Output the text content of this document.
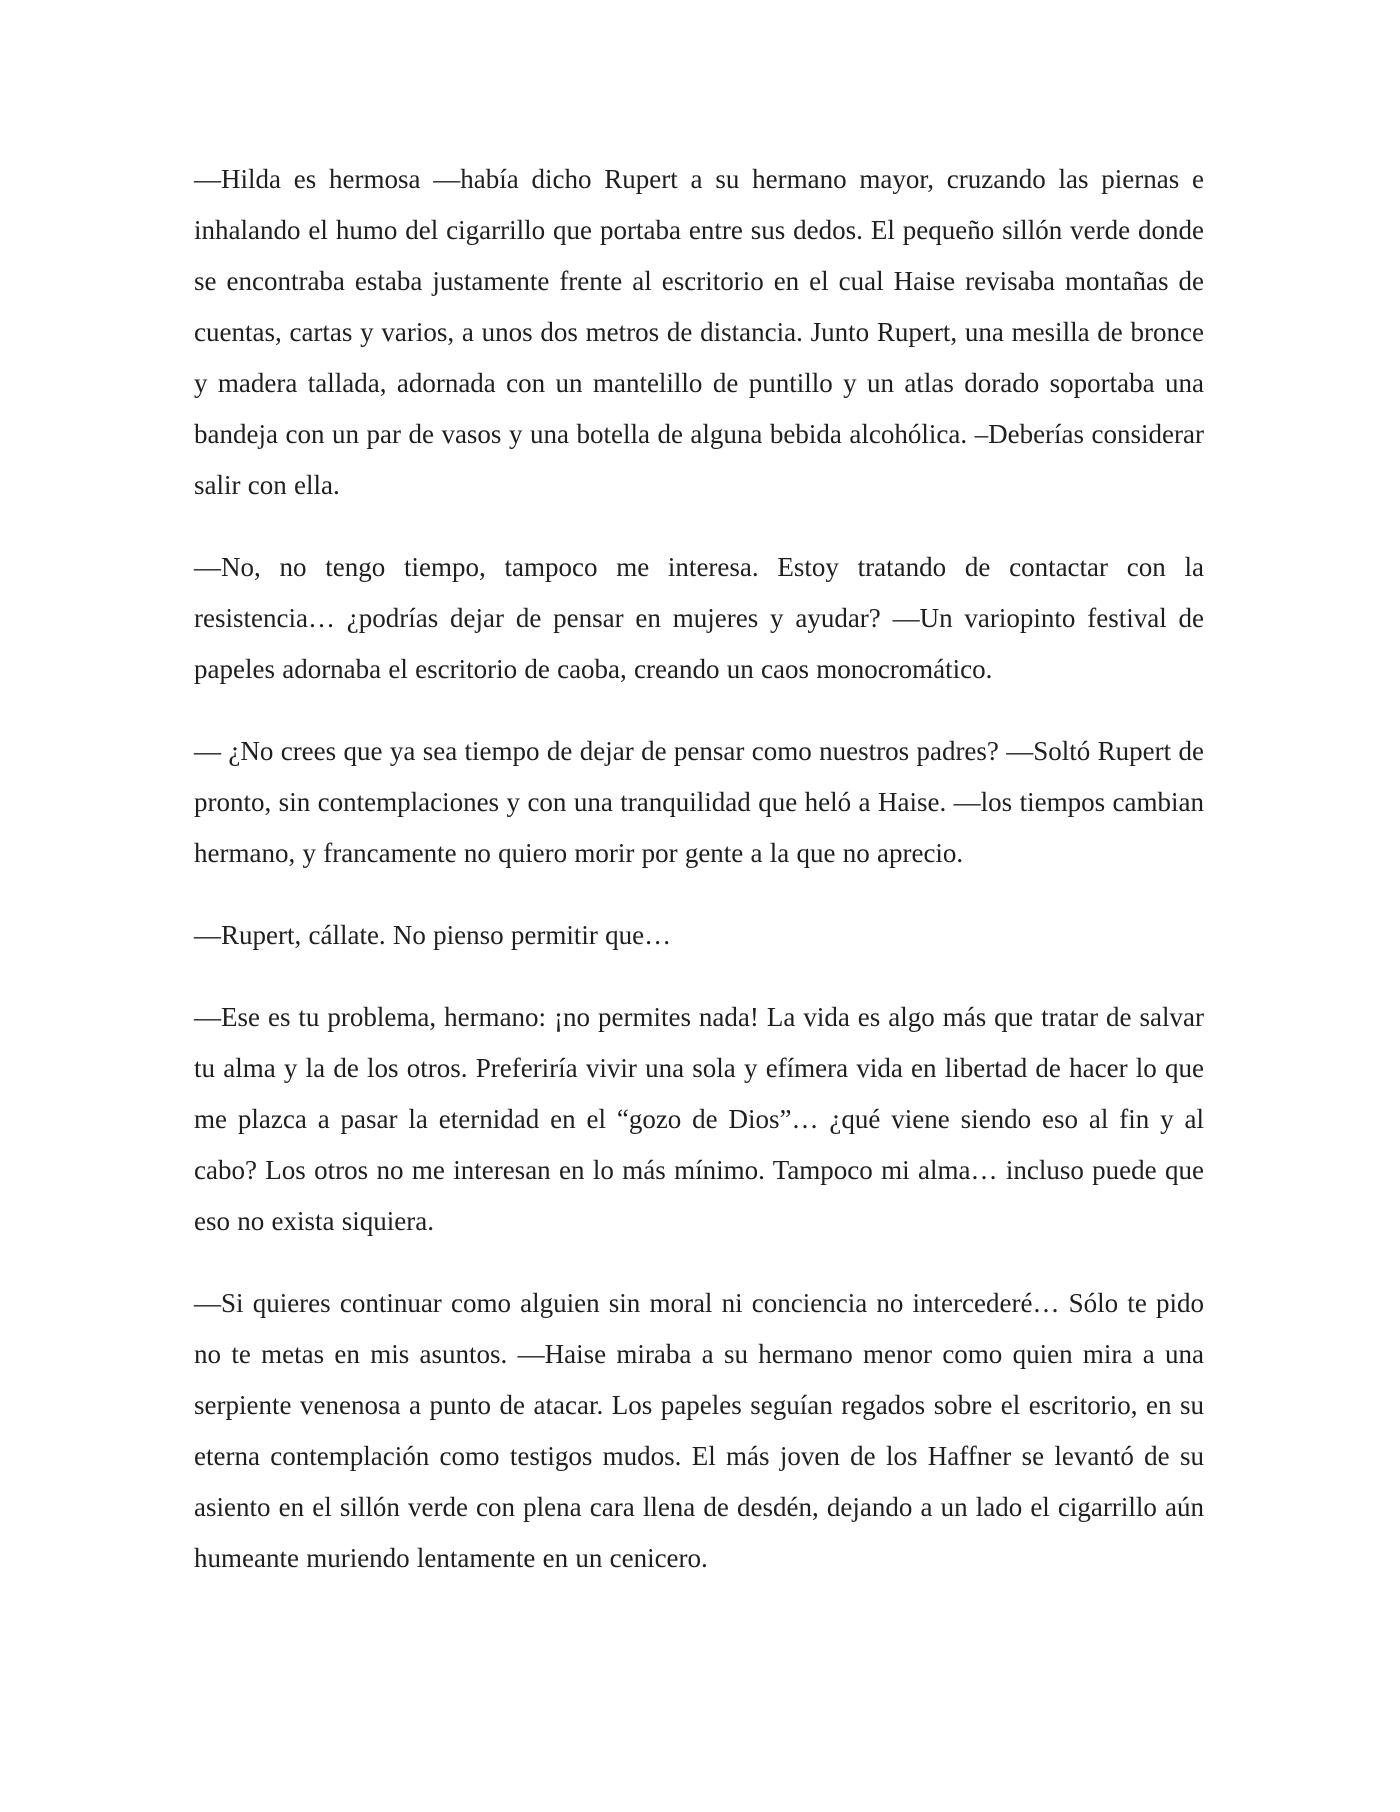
—Hilda es hermosa —había dicho Rupert a su hermano mayor, cruzando las piernas e inhalando el humo del cigarrillo que portaba entre sus dedos. El pequeño sillón verde donde se encontraba estaba justamente frente al escritorio en el cual Haise revisaba montañas de cuentas, cartas y varios, a unos dos metros de distancia. Junto Rupert, una mesilla de bronce y madera tallada, adornada con un mantelillo de puntillo y un atlas dorado soportaba una bandeja con un par de vasos y una botella de alguna bebida alcohólica. –Deberías considerar salir con ella.

—No, no tengo tiempo, tampoco me interesa. Estoy tratando de contactar con la resistencia… ¿podrías dejar de pensar en mujeres y ayudar? —Un variopinto festival de papeles adornaba el escritorio de caoba, creando un caos monocromático.

— ¿No crees que ya sea tiempo de dejar de pensar como nuestros padres? —Soltó Rupert de pronto, sin contemplaciones y con una tranquilidad que heló a Haise. —los tiempos cambian hermano, y francamente no quiero morir por gente a la que no aprecio.

—Rupert, cállate. No pienso permitir que…

—Ese es tu problema, hermano: ¡no permites nada! La vida es algo más que tratar de salvar tu alma y la de los otros. Preferiría vivir una sola y efímera vida en libertad de hacer lo que me plazca a pasar la eternidad en el “gozo de Dios”… ¿qué viene siendo eso al fin y al cabo? Los otros no me interesan en lo más mínimo. Tampoco mi alma… incluso puede que eso no exista siquiera.

—Si quieres continuar como alguien sin moral ni conciencia no intercederé… Sólo te pido no te metas en mis asuntos. —Haise miraba a su hermano menor como quien mira a una serpiente venenosa a punto de atacar. Los papeles seguían regados sobre el escritorio, en su eterna contemplación como testigos mudos. El más joven de los Haffner se levantó de su asiento en el sillón verde con plena cara llena de desdén, dejando a un lado el cigarrillo aún humeante muriendo lentamente en un cenicero.
